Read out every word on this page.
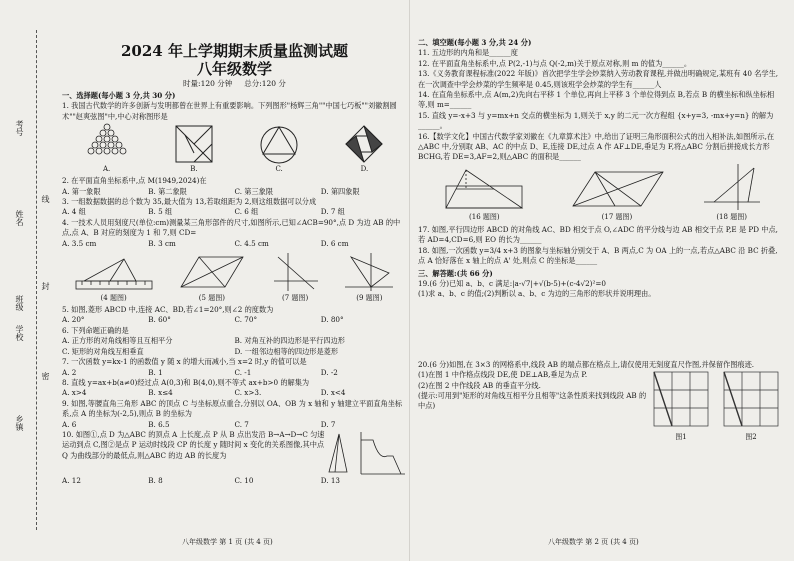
考号
姓名
班级
学校
乡镇
线
封
密
2024 年上学期期末质量监测试题
八年级数学
时量:120 分钟 总分:120 分

一、选择题(每小题 3 分,共 30 分)

1. 我国古代数学的许多创新与发明都曾在世界上有重要影响。下列图形"杨辉三角""中国七巧板""刘徽割圆术""赵爽弦图"中,中心对称图形是

A.	B.	C.	D.

2. 在平面直角坐标系中,点 M(1949,2024)在

A. 第一象限	B. 第二象限	C. 第三象限	D. 第四象限

3. 一组数据数据的总个数为 35,最大值为 13,若取组距为 2,则这组数据可以分成

A. 4 组	B. 5 组	C. 6 组	D. 7 组

4. 一技术人员用刻度尺(单位:cm)测量某三角形部件的尺寸,如图所示,已知∠ACB=90°,点 D 为边 AB 的中点,点 A、B 对应的刻度为 1 和 7,则 CD=

A. 3.5 cm	B. 3 cm	C. 4.5 cm	D. 6 cm
(4 题图)	(5 题图)	(7 题图)	(9 题图)

5. 如图,菱形 ABCD 中,连接 AC、BD,若∠1=20°,则∠2 的度数为

A. 20°	B. 60°	C. 70°	D. 80°

6. 下列命题正确的是

A. 正方形的对角线相等且互相平分	B. 对角互补的四边形是平行四边形
C. 矩形的对角线互相垂直	D. 一组邻边相等的四边形是菱形

7. 一次函数 y=kx-1 的函数值 y 随 x 的增大而减小,当 x=2 时,y 的值可以是

A. 2	B. 1	C. -1	D. -2

8. 直线 y=ax+b(a≠0)经过点 A(0,3)和 B(4,0),则不等式 ax+b>0 的解集为

A. x>4	B. x≤4	C. x>3.	D. x<4

9. 如图,等腰直角三角形 ABC 的顶点 C 与坐标原点重合,分别以 OA、OB 为 x 轴和 y 轴建立平面直角坐标系,点 A 的坐标为(-2,5),则点 B 的坐标为

A. 6	B. 6.5	C. 7	D. 7

10. 如图①,点 D 为△ABC 的顶点 A 上长度,点 P 从 B 点出发沿 B→A→D→C 匀速运动到点 C,图②是点 P 运动时线段 CP 的长度 y 随时间 x 变化的关系图像,其中点 Q 为曲线部分的最低点,则△ABC 的边 AB 的长度为

A. 12	B. 8	C. 10	D. 13
八年级数学 第 1 页 (共 4 页)

二、填空题(每小题 3 分,共 24 分)

11. 五边形的内角和是______度

12. 在平面直角坐标系中,点 P(2,-1)与点 Q(-2,m)关于原点对称,则 m 的值为______。

13.《义务教育课程标准(2022 年版)》首次把学生学会炒菜纳入劳动教育课程,并做出明确规定,某班有 40 名学生,在一次调查中学会炒菜的学生频率是 0.45,则该班学会炒菜的学生有______人

14. 在直角坐标系中,点 A(m,2)先向右平移 1 个单位,再向上平移 3 个单位得到点 B,若点 B 的横坐标和纵坐标相等,则 m=______

15. 直线 y=-x+3 与 y=mx+n 交点的横坐标为 1,则关于 x,y 的二元一次方程组 {x+y=3, -mx+y=n} 的解为______。

16.【数学文化】中国古代数学家刘徽在《九章算术注》中,给出了证明三角形面积公式的出入相补法,如图所示,在△ABC 中,分别取 AB、AC 的中点 D、E,连接 DE,过点 A 作 AF⊥DE,垂足为 F,将△ABC 分割后拼接成长方形 BCHG,若 DE=3,AF=2,则△ABC 的面积是______

(16 题图)	(17 题图)	(18 题图)

17. 如图,平行四边形 ABCD 的对角线 AC、BD 相交于点 O,∠ADC 的平分线与边 AB 相交于点 P,E 是 PD 中点,若 AD=4,CD=6,则 EO 的长为______

18. 如图,一次函数 y=3/4 x+3 的图象与坐标轴分别交于 A、B 两点,C 为 OA 上的一点,若点△ABC 沿 BC 折叠,点 A 恰好落在 x 轴上的点 A' 处,则点 C 的坐标是______

三、解答题:(共 66 分)

19.(6 分)已知 a、b、c 满足:|a-√7|+√(b-5)+(c-4√2)²=0

(1)求 a、b、c 的值;(2)判断以 a、b、c 为边的三角形的形状并说明理由。

20.(6 分)如图,在 3×3 的网格系中,线段 AB 的端点都在格点上,请仅使用无刻度直尺作图,并保留作图痕迹.

(1)在图 1 中作格点线段 DE,使 DE⊥AB,垂足为点 P.

(2)在图 2 中作线段 AB 的垂直平分线.

(提示:可用到"矩形的对角线互相平分且相等"这条性质来找到线段 AB 的中点)

图1	图2
八年级数学 第 2 页 (共 4 页)
